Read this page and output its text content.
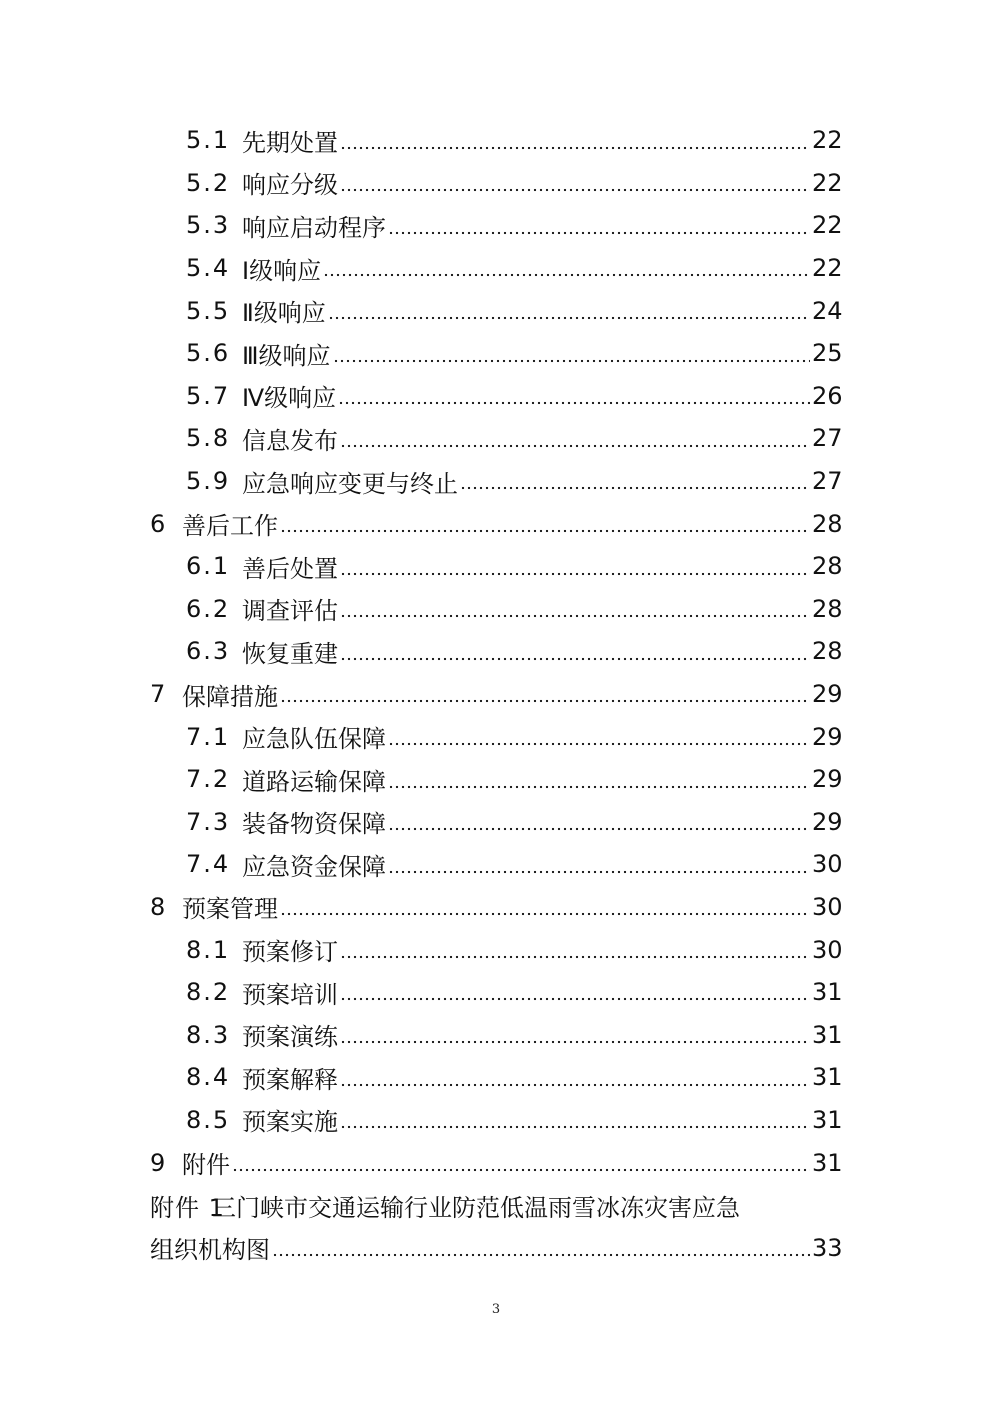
5.1 先期处置	22
5.2 响应分级	22
5.3 响应启动程序	22
5.4 Ⅰ级响应	22
5.5 Ⅱ级响应	24
5.6 Ⅲ级响应	25
5.7 Ⅳ级响应	26
5.8 信息发布	27
5.9 应急响应变更与终止	27
6 善后工作	28
6.1 善后处置	28
6.2 调查评估	28
6.3 恢复重建	28
7 保障措施	29
7.1 应急队伍保障	29
7.2 道路运输保障	29
7.3 装备物资保障	29
7.4 应急资金保障	30
8 预案管理	30
8.1 预案修订	30
8.2 预案培训	31
8.3 预案演练	31
8.4 预案解释	31
8.5 预案实施	31
9 附件	31
附件 1
三门峡市交通运输行业防范低温雨雪冰冻灾害应急
组织机构图	33
3
